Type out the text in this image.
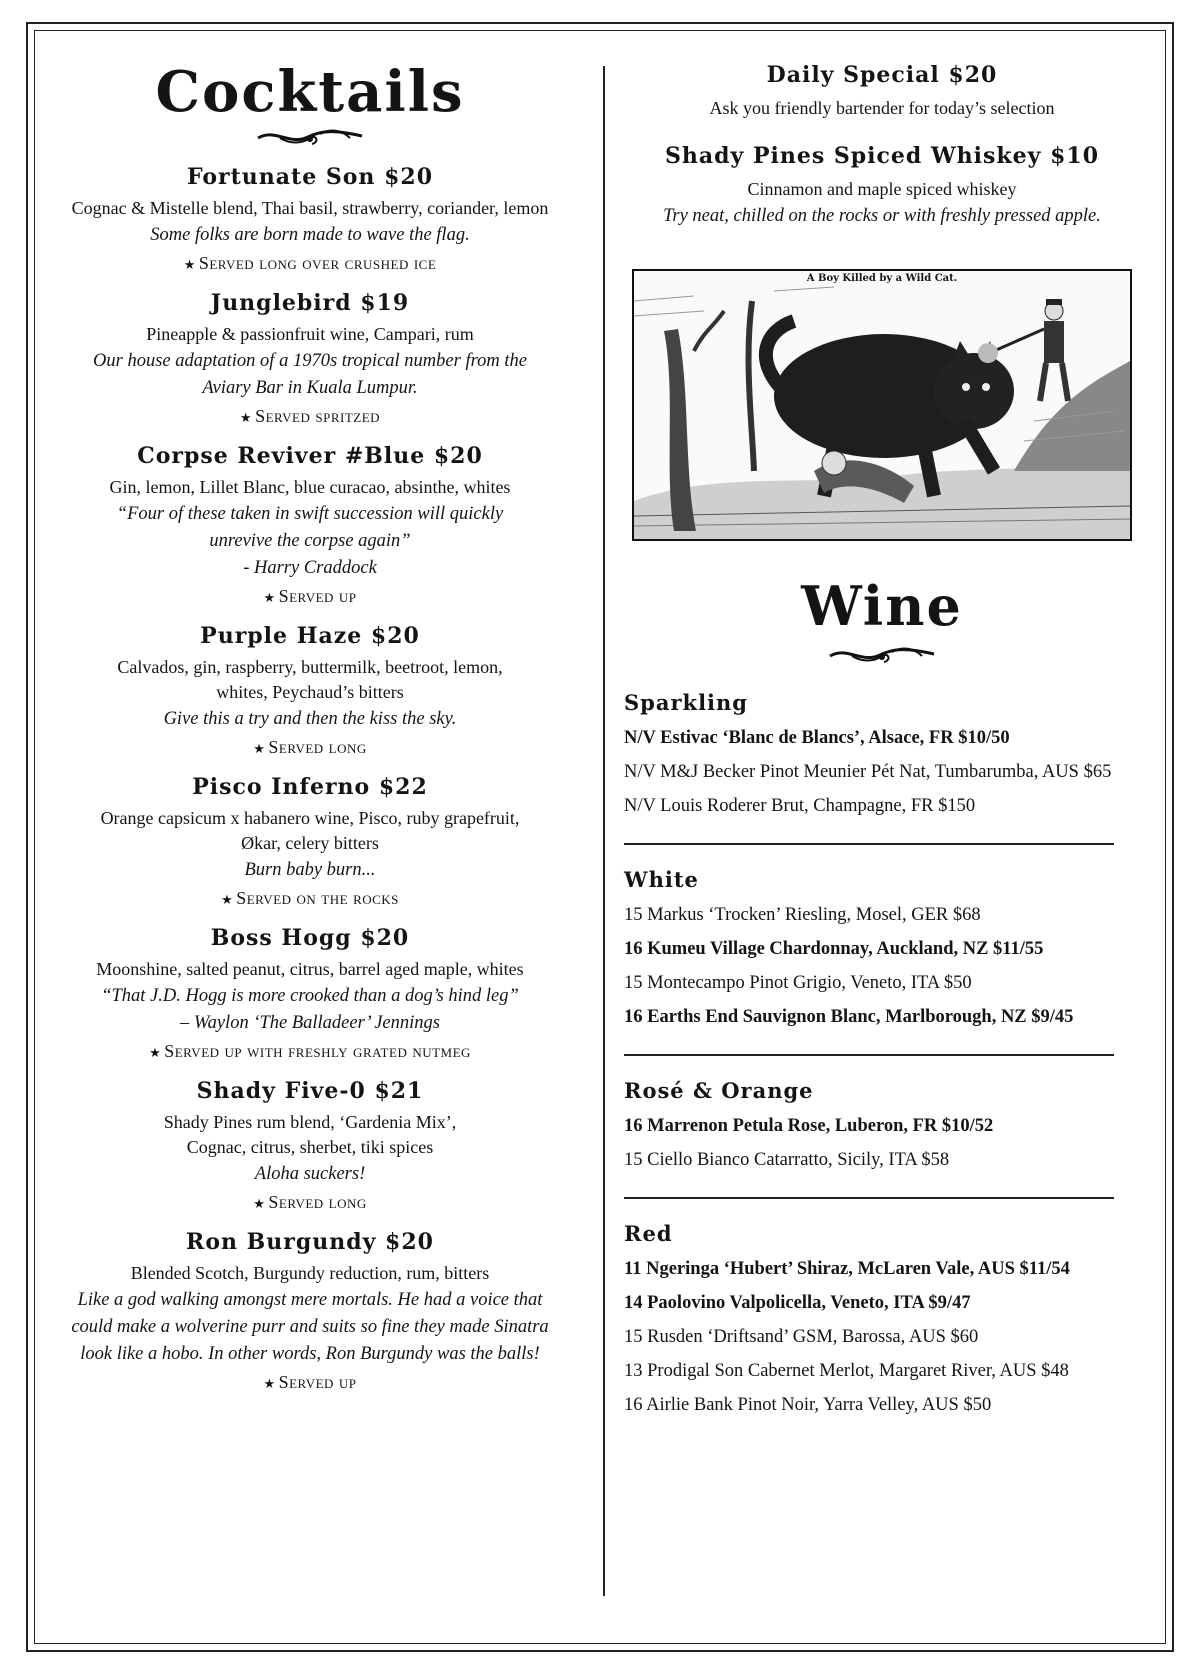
Cocktails
Fortunate Son $20
Cognac & Mistelle blend, Thai basil, strawberry, coriander, lemon
Some folks are born made to wave the flag.
★ Served long over crushed ice
Junglebird $19
Pineapple & passionfruit wine, Campari, rum
Our house adaptation of a 1970s tropical number from the
Aviary Bar in Kuala Lumpur.
★ Served spritzed
Corpse Reviver #Blue $20
Gin, lemon, Lillet Blanc, blue curacao, absinthe, whites
“Four of these taken in swift succession will quickly
unrevive the corpse again”
- Harry Craddock
★ Served up
Purple Haze $20
Calvados, gin, raspberry, buttermilk, beetroot, lemon,
whites, Peychaud’s bitters
Give this a try and then the kiss the sky.
★ Served long
Pisco Inferno $22
Orange capsicum x habanero wine, Pisco, ruby grapefruit,
Økar, celery bitters
Burn baby burn...
★ Served on the rocks
Boss Hogg $20
Moonshine, salted peanut, citrus, barrel aged maple, whites
“That J.D. Hogg is more crooked than a dog’s hind leg”
– Waylon ‘The Balladeer’ Jennings
★ Served up with freshly grated nutmeg
Shady Five-0 $21
Shady Pines rum blend, ‘Gardenia Mix’,
Cognac, citrus, sherbet, tiki spices
Aloha suckers!
★ Served long
Ron Burgundy $20
Blended Scotch, Burgundy reduction, rum, bitters
Like a god walking amongst mere mortals. He had a voice that
could make a wolverine purr and suits so fine they made Sinatra
look like a hobo. In other words, Ron Burgundy was the balls!
★ Served up
Daily Special $20
Ask you friendly bartender for today’s selection
Shady Pines Spiced Whiskey $10
Cinnamon and maple spiced whiskey
Try neat, chilled on the rocks or with freshly pressed apple.
A Boy Killed by a Wild Cat.
Wine
Sparkling
N/V Estivac ‘Blanc de Blancs’, Alsace, FR $10/50
N/V M&J Becker Pinot Meunier Pét Nat, Tumbarumba, AUS $65
N/V Louis Roderer Brut, Champagne, FR $150
White
15 Markus ‘Trocken’ Riesling, Mosel, GER $68
16 Kumeu Village Chardonnay, Auckland, NZ $11/55
15 Montecampo Pinot Grigio, Veneto, ITA $50
16 Earths End Sauvignon Blanc, Marlborough, NZ $9/45
Rosé & Orange
16 Marrenon Petula Rose, Luberon, FR $10/52
15 Ciello Bianco Catarratto, Sicily, ITA $58
Red
11 Ngeringa ‘Hubert’ Shiraz, McLaren Vale, AUS $11/54
14 Paolovino Valpolicella, Veneto, ITA $9/47
15 Rusden ‘Driftsand’ GSM, Barossa, AUS $60
13 Prodigal Son Cabernet Merlot, Margaret River, AUS $48
16 Airlie Bank Pinot Noir, Yarra Velley, AUS $50
